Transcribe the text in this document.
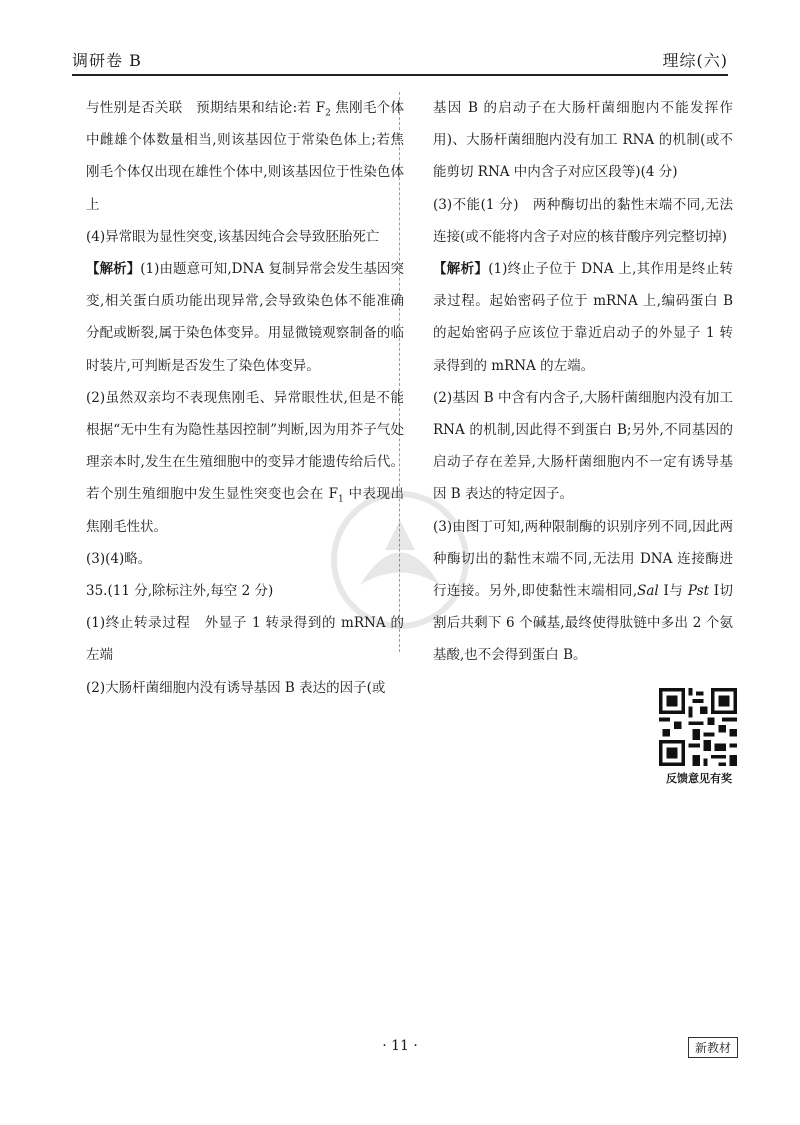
调研卷 B	理综(六)

与性别是否关联　预期结果和结论:若 $F_2$ 焦刚毛个体中雌雄个体数量相当,则该基因位于常染色体上;若焦刚毛个体仅出现在雄性个体中,则该基因位于性染色体上

(4)异常眼为显性突变,该基因纯合会导致胚胎死亡

【解析】(1)由题意可知,DNA 复制异常会发生基因突变,相关蛋白质功能出现异常,会导致染色体不能准确分配或断裂,属于染色体变异。用显微镜观察制备的临时装片,可判断是否发生了染色体变异。

(2)虽然双亲均不表现焦刚毛、异常眼性状,但是不能根据“无中生有为隐性基因控制”判断,因为用芥子气处理亲本时,发生在生殖细胞中的变异才能遗传给后代。若个别生殖细胞中发生显性突变也会在 $F_1$ 中表现出焦刚毛性状。

(3)(4)略。

35.(11 分,除标注外,每空 2 分)

(1)终止转录过程　外显子 1 转录得到的 mRNA 的左端

(2)大肠杆菌细胞内没有诱导基因 B 表达的因子(或

基因 B 的启动子在大肠杆菌细胞内不能发挥作用)、大肠杆菌细胞内没有加工 RNA 的机制(或不能剪切 RNA 中内含子对应区段等)(4 分)

(3)不能(1 分)　两种酶切出的黏性末端不同,无法连接(或不能将内含子对应的核苷酸序列完整切掉)

【解析】(1)终止子位于 DNA 上,其作用是终止转录过程。起始密码子位于 mRNA 上,编码蛋白 B 的起始密码子应该位于靠近启动子的外显子 1 转录得到的 mRNA 的左端。

(2)基因 B 中含有内含子,大肠杆菌细胞内没有加工 RNA 的机制,因此得不到蛋白 B;另外,不同基因的启动子存在差异,大肠杆菌细胞内不一定有诱导基因 B 表达的特定因子。

(3)由图丁可知,两种限制酶的识别序列不同,因此两种酶切出的黏性末端不同,无法用 DNA 连接酶进行连接。另外,即使黏性末端相同,Sal Ⅰ与 Pst Ⅰ切割后共剩下 6 个碱基,最终使得肽链中多出 2 个氨基酸,也不会得到蛋白 B。

反馈意见有奖
· 11 ·	新教材
